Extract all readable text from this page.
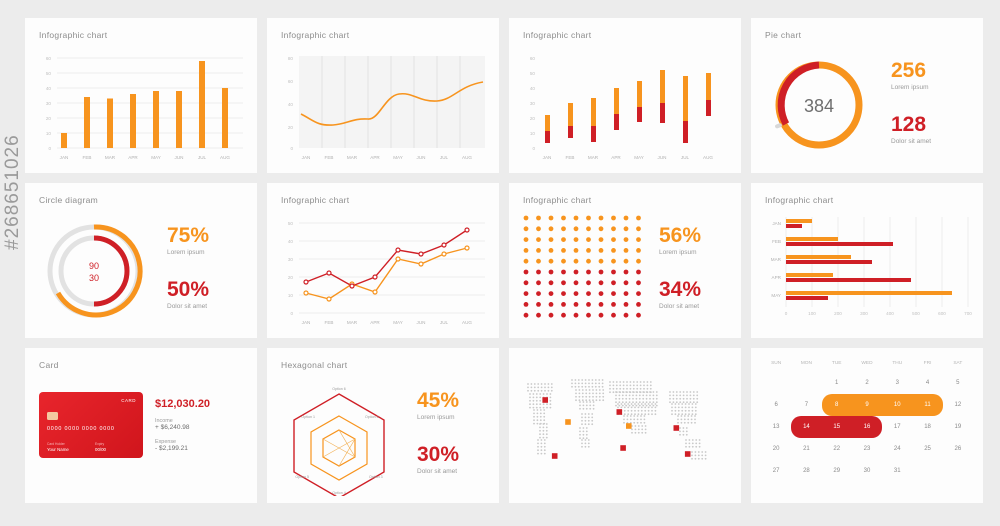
#268651026
Infographic chart
60
50
40
30
20
10
0
JAN	FEB	MAR	APR	MAY	JUN	JUL	AUG
Infographic chart
80
60
40
20
0
JAN	FEB	MAR	APR	MAY	JUN	JUL	AUG
Infographic chart
60
50
40
30
20
10
0
JAN	FEB	MAR	APR	MAY	JUN	JUL	AUG
Pie chart
384
256
Lorem ipsum
128
Dolor sit amet
Circle diagram
90
30
75%
Lorem ipsum
50%
Dolor sit amet
Infographic chart
50
40
30
20
10
0
JAN	FEB	MAR	APR	MAY	JUN	JUL	AUG
Infographic chart
56%
Lorem ipsum
34%
Dolor sit amet
Infographic chart
JAN
FEB
MAR
APR
MAY
0	100	200	300	400	500	600	700
Card
CARD
0000 0000 0000 0000
Card Holder
Your Name
Expiry
00/00
$12,030.20
Income
+ $6,240.98
Expense
- $2,199.21
Hexagonal chart
Option 1	Option 2
Option 3
Option 4
Option 5
Option 6	45%
Lorem ipsum
30%
Dolor sit amet
SUN	MON	TUE	WED	THU	FRI	SAT
		1	2	3	4	5
6	7	8	9	10	11	12
13	14	15	16	17	18	19
20	21	22	23	24	25	26
27	28	29	30	31		
